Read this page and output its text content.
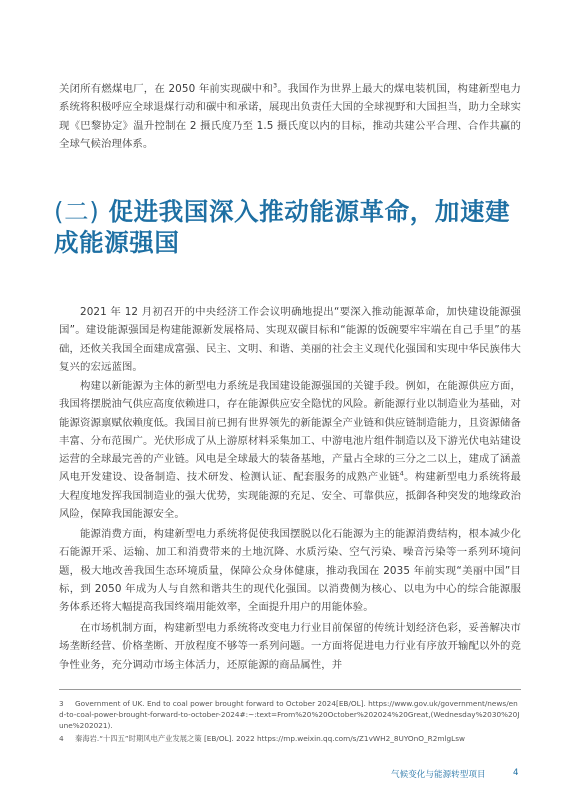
关闭所有燃煤电厂，在 2050 年前实现碳中和$^3$。我国作为世界上最大的煤电装机国，构建新型电力系统将积极呼应全球退煤行动和碳中和承诺，展现出负责任大国的全球视野和大国担当，助力全球实现《巴黎协定》温升控制在 2 摄氏度乃至 1.5 摄氏度以内的目标，推动共建公平合理、合作共赢的全球气候治理体系。
(二) 促进我国深入推动能源革命，加速建成能源强国
2021 年 12 月初召开的中央经济工作会议明确地提出“要深入推动能源革命，加快建设能源强国”。建设能源强国是构建能源新发展格局、实现双碳目标和“能源的饭碗要牢牢端在自己手里”的基础，还攸关我国全面建成富强、民主、文明、和谐、美丽的社会主义现代化强国和实现中华民族伟大复兴的宏远蓝图。
构建以新能源为主体的新型电力系统是我国建设能源强国的关键手段。例如，在能源供应方面，我国将摆脱油气供应高度依赖进口，存在能源供应安全隐忧的风险。新能源行业以制造业为基础，对能源资源禀赋依赖度低。我国目前已拥有世界领先的新能源全产业链和供应链制造能力，且资源储备丰富、分布范围广。光伏形成了从上游原材料采集加工、中游电池片组件制造以及下游光伏电站建设运营的全球最完善的产业链。风电是全球最大的装备基地，产量占全球的三分之二以上，建成了涵盖风电开发建设、设备制造、技术研发、检测认证、配套服务的成熟产业链$^4$。构建新型电力系统将最大程度地发挥我国制造业的强大优势，实现能源的充足、安全、可靠供应，抵御各种突发的地缘政治风险，保障我国能源安全。
能源消费方面，构建新型电力系统将促使我国摆脱以化石能源为主的能源消费结构，根本减少化石能源开采、运输、加工和消费带来的土地沉降、水质污染、空气污染、噪音污染等一系列环境问题，极大地改善我国生态环境质量，保障公众身体健康，推动我国在 2035 年前实现“美丽中国”目标，到 2050 年成为人与自然和谐共生的现代化强国。以消费侧为核心、以电为中心的综合能源服务体系还将大幅提高我国终端用能效率，全面提升用户的用能体验。
在市场机制方面，构建新型电力系统将改变电力行业目前保留的传统计划经济色彩，妥善解决市场垄断经营、价格垄断、开放程度不够等一系列问题。一方面将促进电力行业有序放开输配以外的竞争性业务，充分调动市场主体活力，还原能源的商品属性，并
3 Government of UK. End to coal power brought forward to October 2024[EB/OL]. https://www.gov.uk/government/news/end-to-coal-power-brought-forward-to-october-2024#:~:text=From%20%20October%202024%20Great,(Wednesday%2030%20June%202021).
4 秦海岩.“十四五”时期风电产业发展之策 [EB/OL]. 2022 https://mp.weixin.qq.com/s/Z1vWH2_8UYOnO_R2mlgLsw
气候变化与能源转型项目	4
